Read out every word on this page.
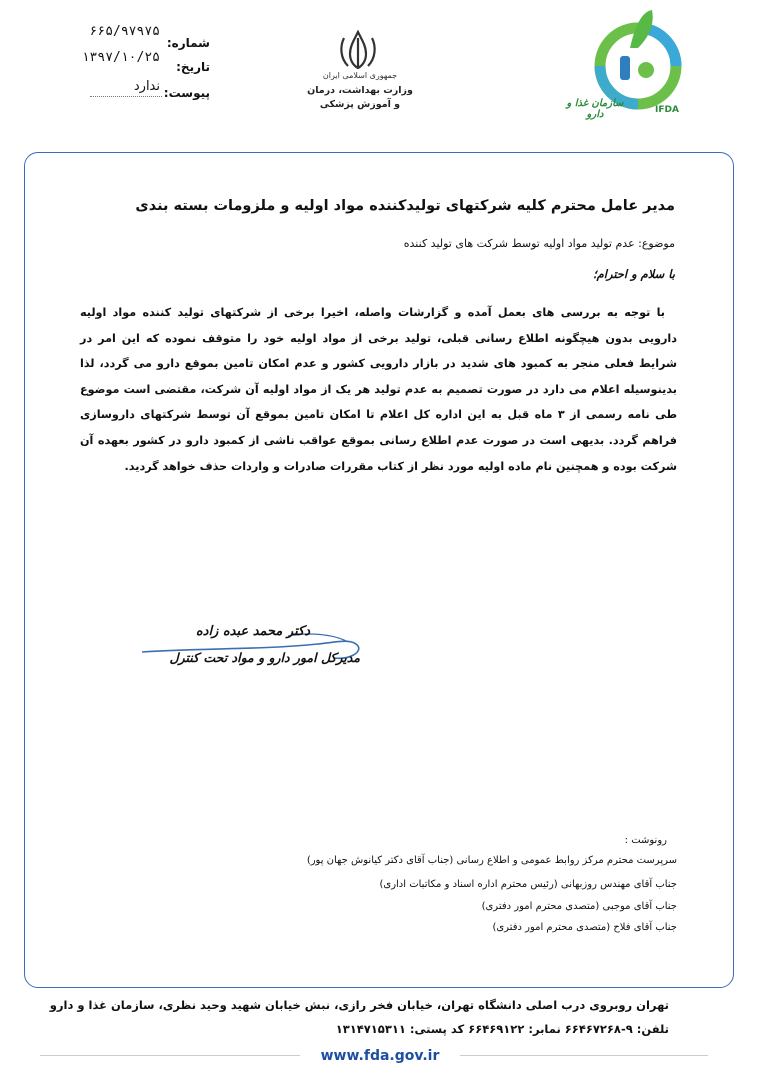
سازمان غذا و دارو	IFDA
جمهوری اسلامی ایران
وزارت بهداشت، درمان
و آموزش پزشکی
شماره:
۶۶۵/۹۷۹۷۵
تاریخ:
۱۳۹۷/۱۰/۲۵
پیوست:
ندارد
مدیر عامل محترم کلیه شرکتهای تولیدکننده مواد اولیه و ملزومات بسته بندی
موضوع: عدم تولید مواد اولیه توسط شرکت های تولید کننده
با سلام و احترام؛

با توجه به بررسی های بعمل آمده و گزارشات واصله، اخیرا برخی از شرکتهای تولید کننده مواد اولیه دارویی بدون هیچگونه اطلاع رسانی قبلی، تولید برخی از مواد اولیه خود را متوقف نموده که این امر در شرایط فعلی منجر به کمبود های شدید در بازار دارویی کشور و عدم امکان تامین بموقع دارو می گردد، لذا بدینوسیله اعلام می دارد در صورت تصمیم به عدم تولید هر یک از مواد اولیه آن شرکت، مقتضی است موضوع طی نامه رسمی از ۳ ماه قبل به این اداره کل اعلام تا امکان تامین بموقع آن توسط شرکتهای داروسازی فراهم گردد. بدیهی است در صورت عدم اطلاع رسانی بموقع عواقب ناشی از کمبود دارو در کشور بعهده آن شرکت بوده و همچنین نام ماده اولیه مورد نظر از کتاب مقررات صادرات و واردات حذف خواهد گردید.

دکتر محمد عبده زاده
مدیرکل امور دارو و مواد تحت کنترل
رونوشت :
سرپرست محترم مرکز روابط عمومی و اطلاع رسانی (جناب آقای دکتر کیانوش جهان پور)
جناب آقای مهندس روزبهانی (رئیس محترم اداره اسناد و مکاتبات اداری)
جناب آقای موجبی (متصدی محترم امور دفتری)
جناب آقای فلاح (متصدی محترم امور دفتری)
تهران روبروی درب اصلی دانشگاه تهران، خیابان فخر رازی، نبش خیابان شهید وحید نظری، سازمان غذا و دارو
تلفن: ۹-۶۶۴۶۷۲۶۸ نمابر: ۶۶۴۶۹۱۲۲ کد پستی: ۱۳۱۴۷۱۵۳۱۱
www.fda.gov.ir
